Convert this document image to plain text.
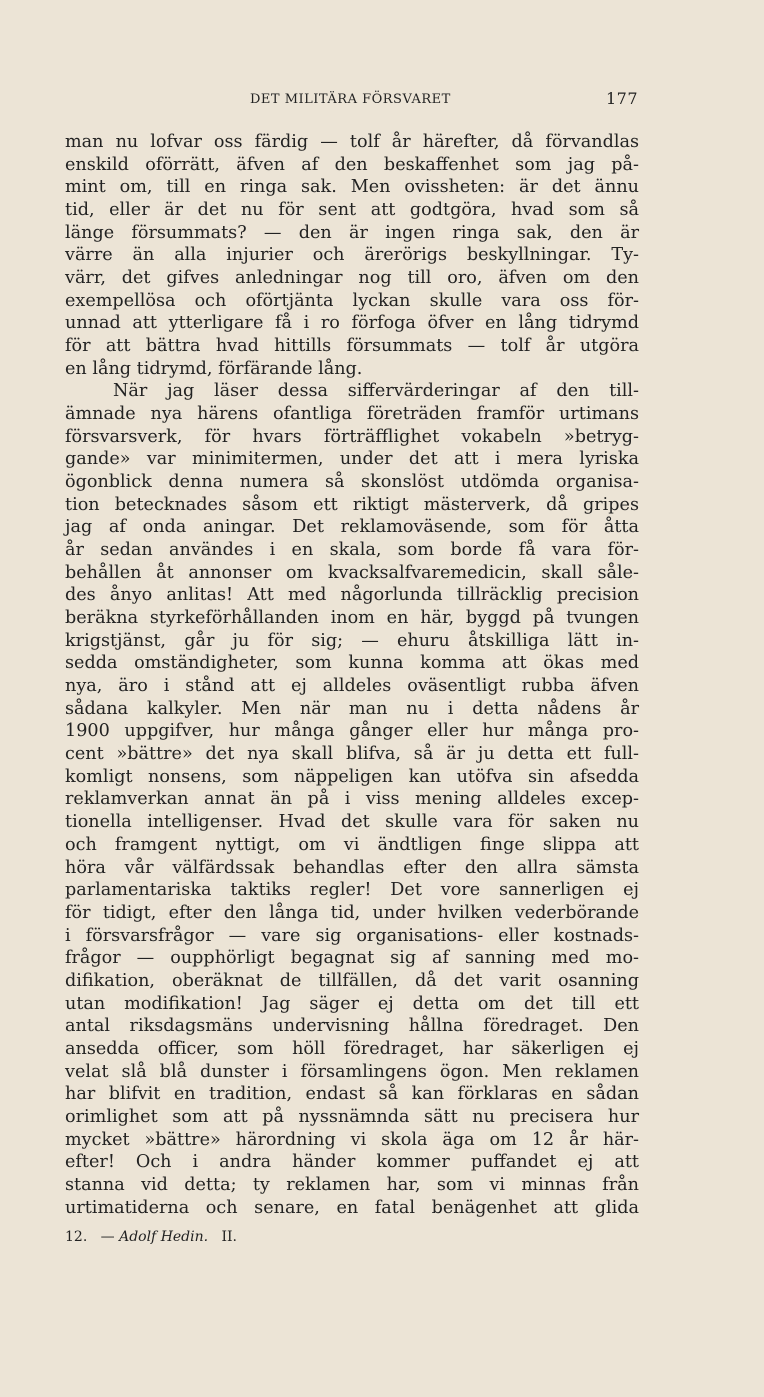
DET MILITÄRA FÖRSVARET	177
man nu lofvar oss färdig — tolf år härefter, då förvandlas
enskild oförrätt, äfven af den beskaffenhet som jag på-
mint om, till en ringa sak. Men ovissheten: är det ännu
tid, eller är det nu för sent att godtgöra, hvad som så
länge försummats? — den är ingen ringa sak, den är
värre än alla injurier och ärerörigs beskyllningar. Ty-
värr, det gifves anledningar nog till oro, äfven om den
exempellösa och oförtjänta lyckan skulle vara oss för-
unnad att ytterligare få i ro förfoga öfver en lång tidrymd
för att bättra hvad hittills försummats — tolf år utgöra
en lång tidrymd, förfärande lång.
När jag läser dessa siffervärderingar af den till-
ämnade nya härens ofantliga företräden framför urtimans
försvarsverk, för hvars förträfflighet vokabeln »betryg-
gande» var minimitermen, under det att i mera lyriska
ögonblick denna numera så skonslöst utdömda organisa-
tion betecknades såsom ett riktigt mästerverk, då gripes
jag af onda aningar. Det reklamoväsende, som för åtta
år sedan användes i en skala, som borde få vara för-
behållen åt annonser om kvacksalfvaremedicin, skall såle-
des ånyo anlitas! Att med någorlunda tillräcklig precision
beräkna styrkeförhållanden inom en här, byggd på tvungen
krigstjänst, går ju för sig; — ehuru åtskilliga lätt in-
sedda omständigheter, som kunna komma att ökas med
nya, äro i stånd att ej alldeles oväsentligt rubba äfven
sådana kalkyler. Men när man nu i detta nådens år
1900 uppgifver, hur många gånger eller hur många pro-
cent »bättre» det nya skall blifva, så är ju detta ett full-
komligt nonsens, som näppeligen kan utöfva sin afsedda
reklamverkan annat än på i viss mening alldeles excep-
tionella intelligenser. Hvad det skulle vara för saken nu
och framgent nyttigt, om vi ändtligen finge slippa att
höra vår välfärdssak behandlas efter den allra sämsta
parlamentariska taktiks regler! Det vore sannerligen ej
för tidigt, efter den långa tid, under hvilken vederbörande
i försvarsfrågor — vare sig organisations- eller kostnads-
frågor — oupphörligt begagnat sig af sanning med mo-
difikation, oberäknat de tillfällen, då det varit osanning
utan modifikation! Jag säger ej detta om det till ett
antal riksdagsmäns undervisning hållna föredraget. Den
ansedda officer, som höll föredraget, har säkerligen ej
velat slå blå dunster i församlingens ögon. Men reklamen
har blifvit en tradition, endast så kan förklaras en sådan
orimlighet som att på nyssnämnda sätt nu precisera hur
mycket »bättre» härordning vi skola äga om 12 år här-
efter! Och i andra händer kommer puffandet ej att
stanna vid detta; ty reklamen har, som vi minnas från
urtimatiderna och senare, en fatal benägenhet att glida
12. — Adolf Hedin. II.
